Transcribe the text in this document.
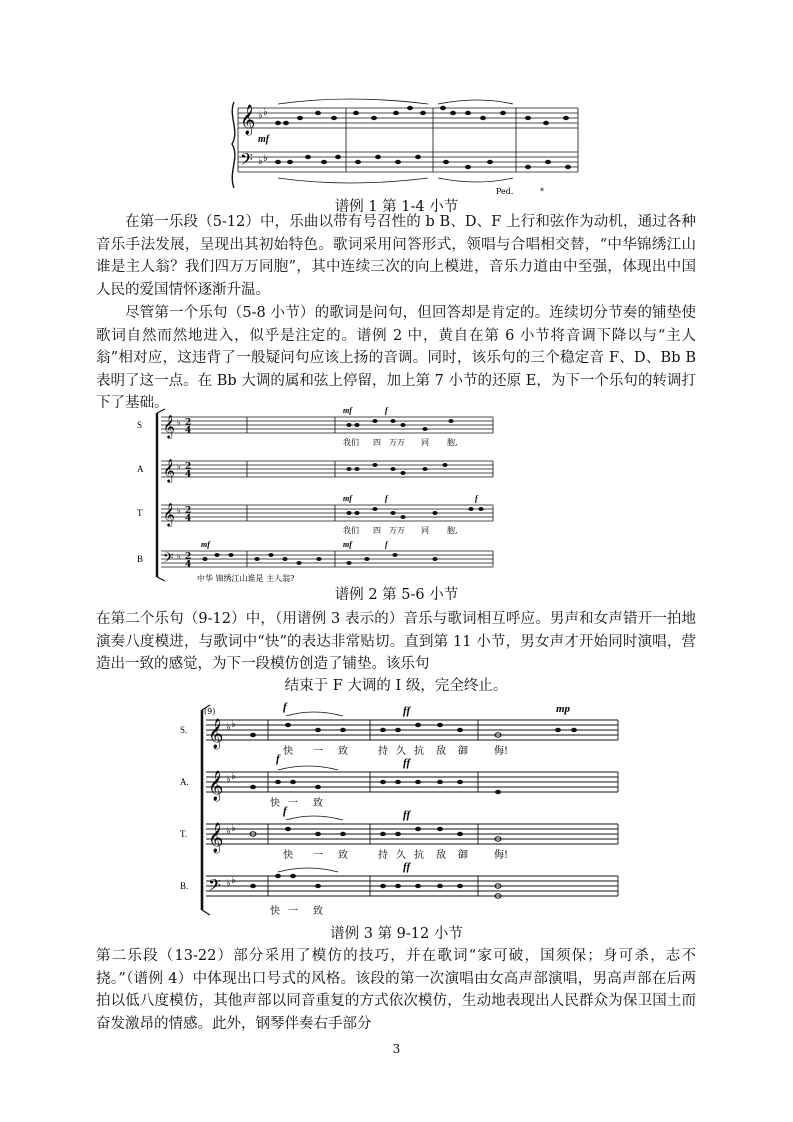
𝄞
𝄢
♭ ♭
♭ ♭
mf
Ped.	*
谱例 1 第 1-4 小节

在第一乐段（5-12）中，乐曲以带有号召性的 b B、D、F 上行和弦作为动机，通过各种音乐手法发展，呈现出其初始特色。歌词采用问答形式，领唱与合唱相交替，“中华锦绣江山谁是主人翁？我们四万万同胞”，其中连续三次的向上模进，音乐力道由中至强，体现出中国人民的爱国情怀逐渐升温。

尽管第一个乐句（5-8 小节）的歌词是问句，但回答却是肯定的。连续切分节奏的铺垫使歌词自然而然地进入，似乎是注定的。谱例 2 中，黄自在第 6 小节将音调下降以与“主人翁”相对应，这违背了一般疑问句应该上扬的音调。同时，该乐句的三个稳定音 F、D、Bb B 表明了这一点。在 Bb 大调的属和弦上停留，加上第 7 小节的还原 E，为下一个乐句的转调打下了基础。

S
A
T
B
𝄞
𝄞
𝄞
𝄢
♭
♭
♭
♭
2
4
2
4
2
4
2
4
mf	f
mf	f	f
mf	mf	f
我们 四 万万 同 胞,
我们 四 万万 同 胞,
中华 锦绣江山谁是 主人翁?
谱例 2 第 5-6 小节

在第二个乐句（9-12）中，（用谱例 3 表示的）音乐与歌词相互呼应。男声和女声错开一拍地演奏八度模进，与歌词中“快”的表达非常贴切。直到第 11 小节，男女声才开始同时演唱，营造出一致的感觉，为下一段模仿创造了铺垫。该乐句

结束于 F 大调的 I 级，完全终止。

(9)
S.
A.
T.
B.
𝄞
𝄞
𝄞
𝄢
♭ ♭
♭ ♭
♭ ♭
♭ ♭
f	ff	mp
f	ff
f	ff
ff
快 一 致	持 久 抗 敌 御	侮!
快 一 致
快 一 致	持 久 抗 敌 御	侮!
快 一 致
谱例 3 第 9-12 小节

第二乐段（13-22）部分采用了模仿的技巧，并在歌词“家可破，国须保；身可杀，志不挠。”（谱例 4）中体现出口号式的风格。该段的第一次演唱由女高声部演唱，男高声部在后两拍以低八度模仿，其他声部以同音重复的方式依次模仿，生动地表现出人民群众为保卫国土而奋发激昂的情感。此外，钢琴伴奏右手部分

3
